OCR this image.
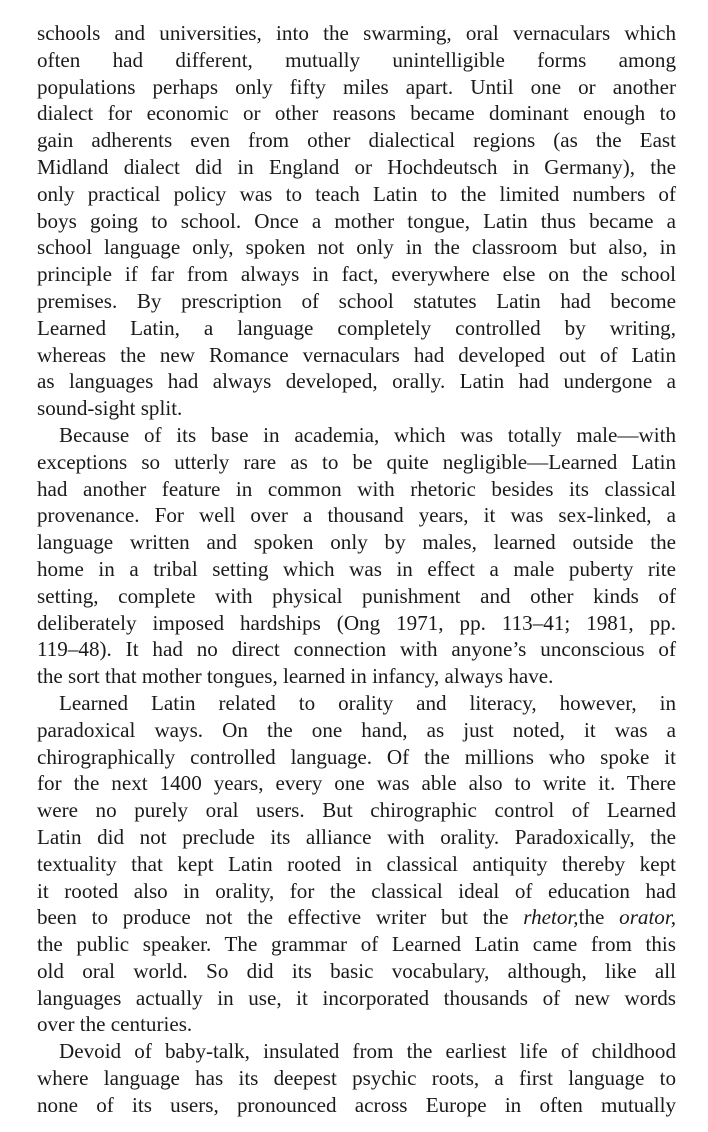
schools and universities, into the swarming, oral vernaculars which
often had different, mutually unintelligible forms among
populations perhaps only fifty miles apart. Until one or another
dialect for economic or other reasons became dominant enough to
gain adherents even from other dialectical regions (as the East
Midland dialect did in England or Hochdeutsch in Germany), the
only practical policy was to teach Latin to the limited numbers of
boys going to school. Once a mother tongue, Latin thus became a
school language only, spoken not only in the classroom but also, in
principle if far from always in fact, everywhere else on the school
premises. By prescription of school statutes Latin had become
Learned Latin, a language completely controlled by writing,
whereas the new Romance vernaculars had developed out of Latin
as languages had always developed, orally. Latin had undergone a
sound-sight split.
Because of its base in academia, which was totally male—with
exceptions so utterly rare as to be quite negligible—Learned Latin
had another feature in common with rhetoric besides its classical
provenance. For well over a thousand years, it was sex-linked, a
language written and spoken only by males, learned outside the
home in a tribal setting which was in effect a male puberty rite
setting, complete with physical punishment and other kinds of
deliberately imposed hardships (Ong 1971, pp. 113–41; 1981, pp.
119–48). It had no direct connection with anyone’s unconscious of
the sort that mother tongues, learned in infancy, always have.
Learned Latin related to orality and literacy, however, in
paradoxical ways. On the one hand, as just noted, it was a
chirographically controlled language. Of the millions who spoke it
for the next 1400 years, every one was able also to write it. There
were no purely oral users. But chirographic control of Learned
Latin did not preclude its alliance with orality. Paradoxically, the
textuality that kept Latin rooted in classical antiquity thereby kept
it rooted also in orality, for the classical ideal of education had
been to produce not the effective writer but the rhetor,the orator,
the public speaker. The grammar of Learned Latin came from this
old oral world. So did its basic vocabulary, although, like all
languages actually in use, it incorporated thousands of new words
over the centuries.
Devoid of baby-talk, insulated from the earliest life of childhood
where language has its deepest psychic roots, a first language to
none of its users, pronounced across Europe in often mutually
